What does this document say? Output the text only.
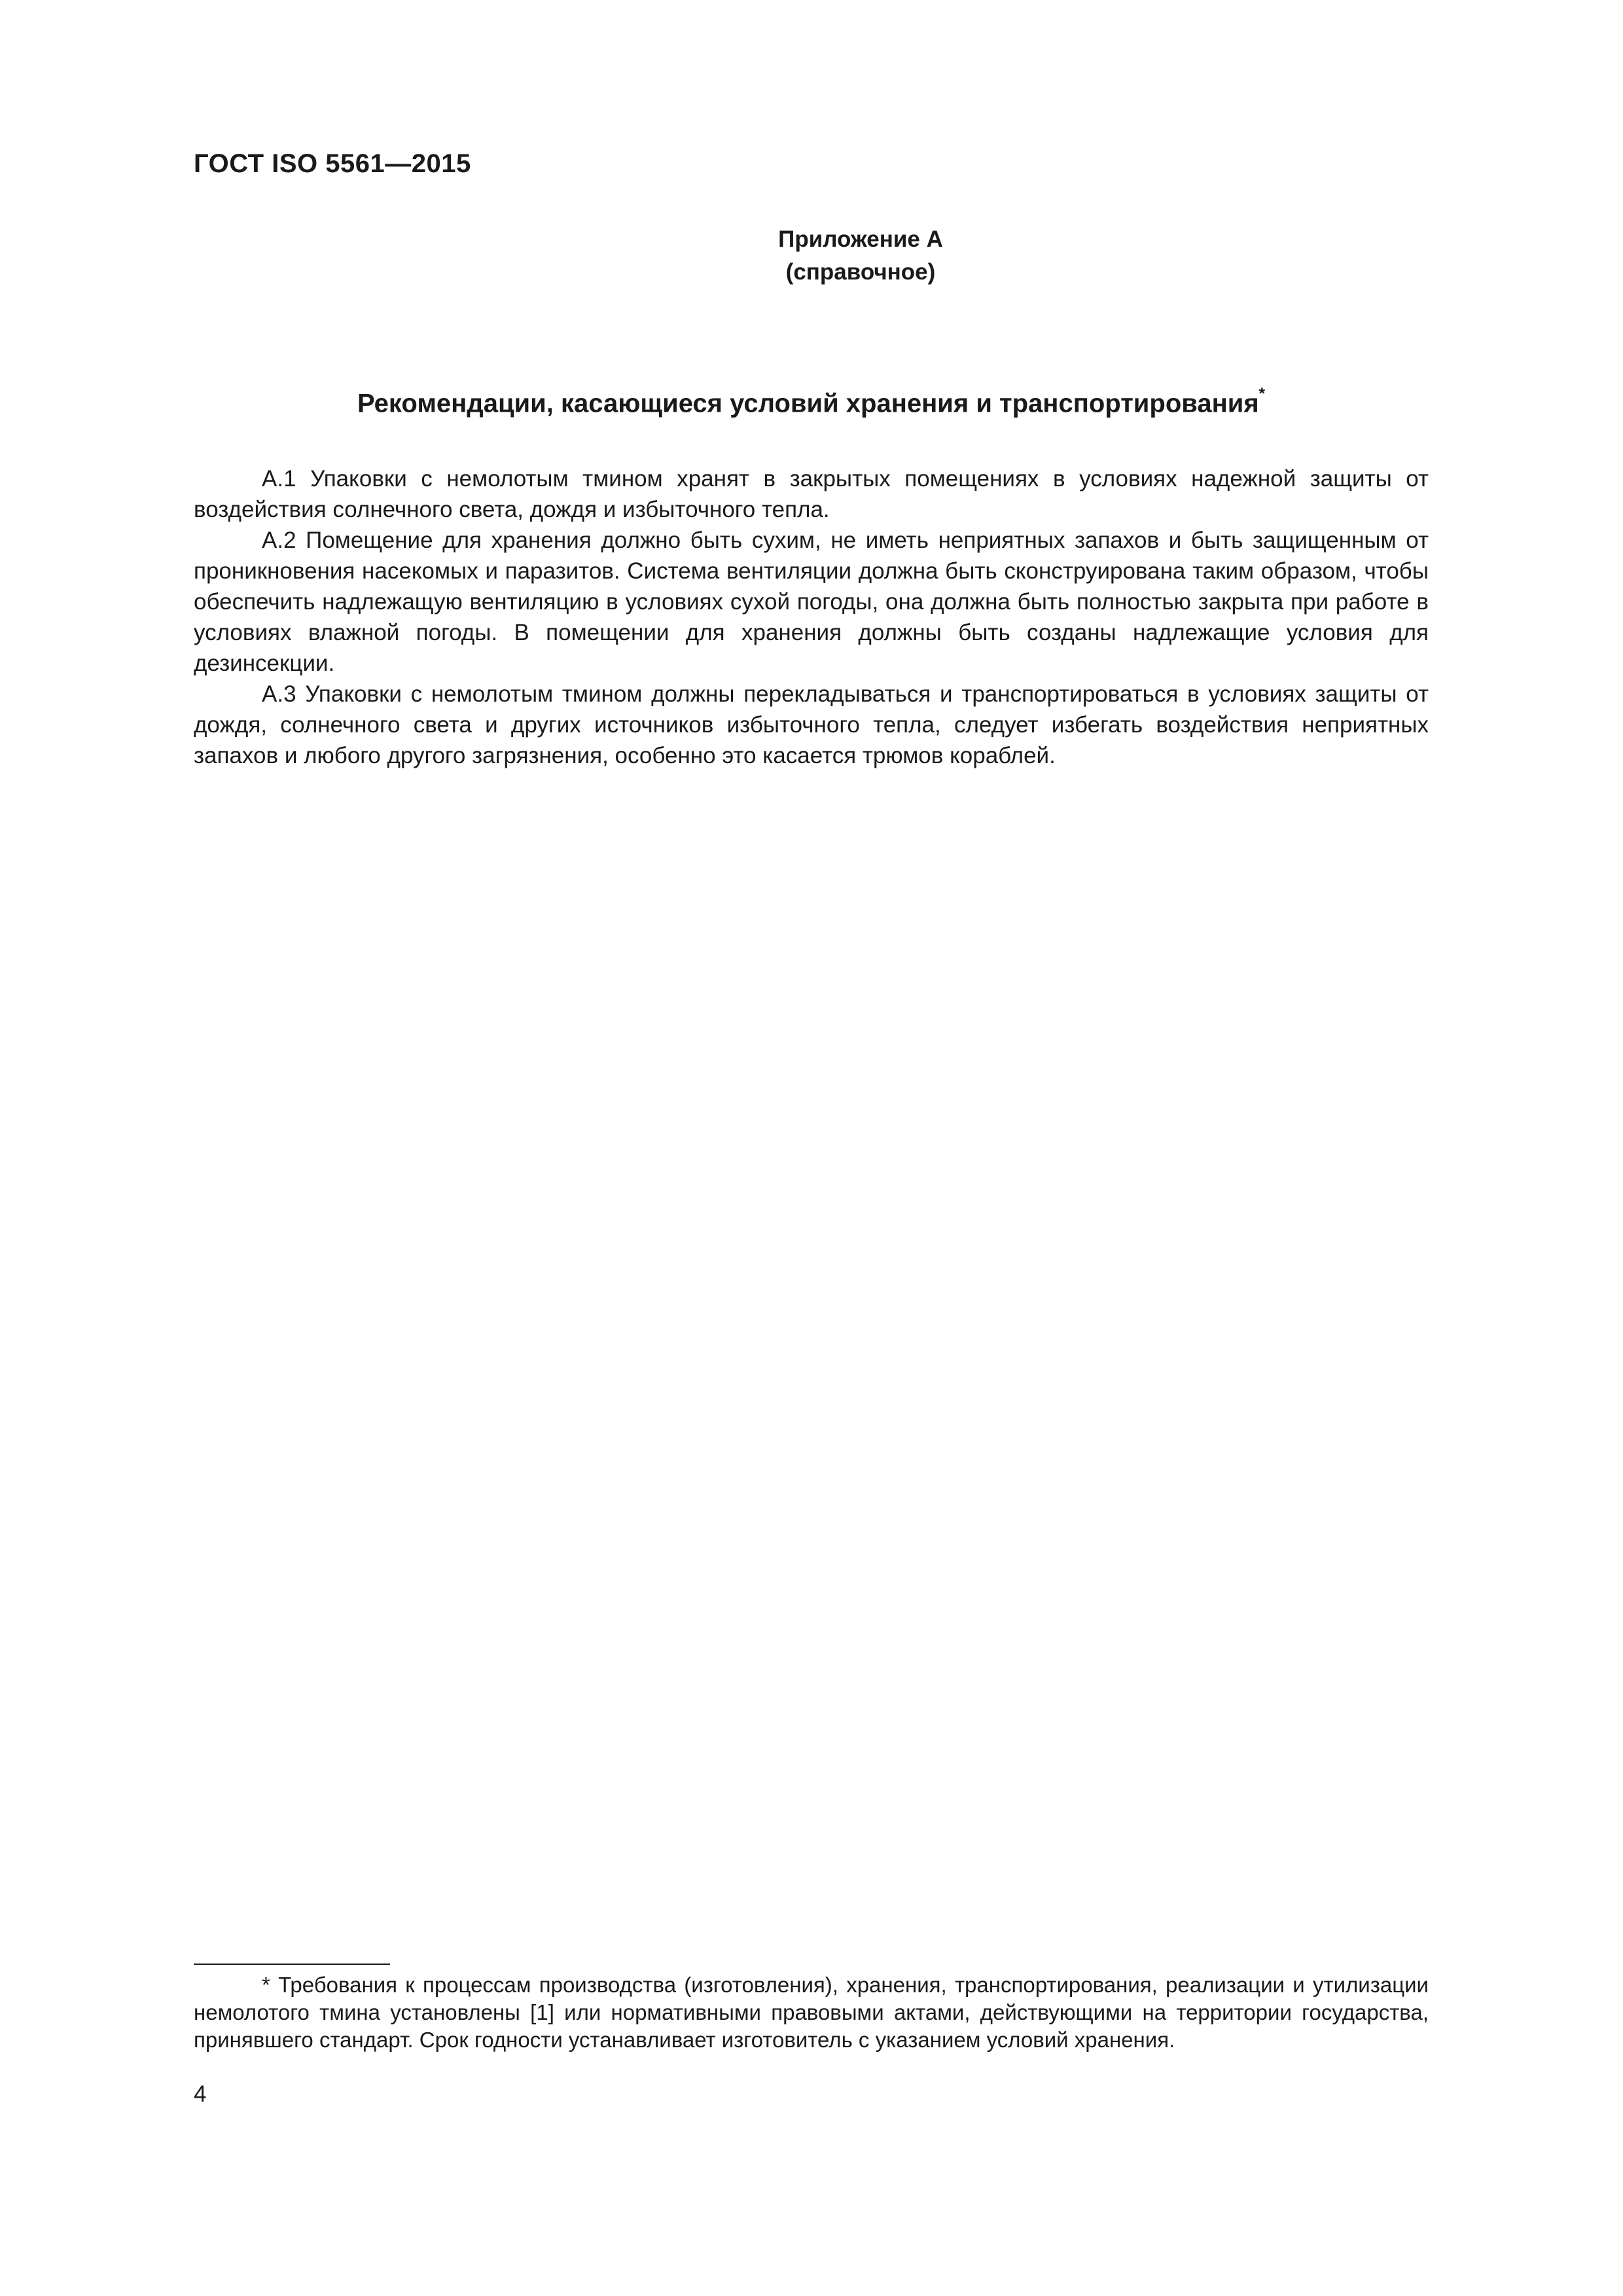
ГОСТ ISO 5561—2015
Приложение А
(справочное)
Рекомендации, касающиеся условий хранения и транспортирования*

А.1 Упаковки с немолотым тмином хранят в закрытых помещениях в условиях надежной защиты от воздействия солнечного света, дождя и избыточного тепла.

А.2 Помещение для хранения должно быть сухим, не иметь неприятных запахов и быть защищенным от проникновения насекомых и паразитов. Система вентиляции должна быть сконструирована таким образом, чтобы обеспечить надлежащую вентиляцию в условиях сухой погоды, она должна быть полностью закрыта при работе в условиях влажной погоды. В помещении для хранения должны быть созданы надлежащие условия для дезинсекции.

А.3 Упаковки с немолотым тмином должны перекладываться и транспортироваться в условиях защиты от дождя, солнечного света и других источников избыточного тепла, следует избегать воздействия неприятных запахов и любого другого загрязнения, особенно это касается трюмов кораблей.

* Требования к процессам производства (изготовления), хранения, транспортирования, реализации и утилизации немолотого тмина установлены [1] или нормативными правовыми актами, действующими на территории государства, принявшего стандарт. Срок годности устанавливает изготовитель с указанием условий хранения.

4
